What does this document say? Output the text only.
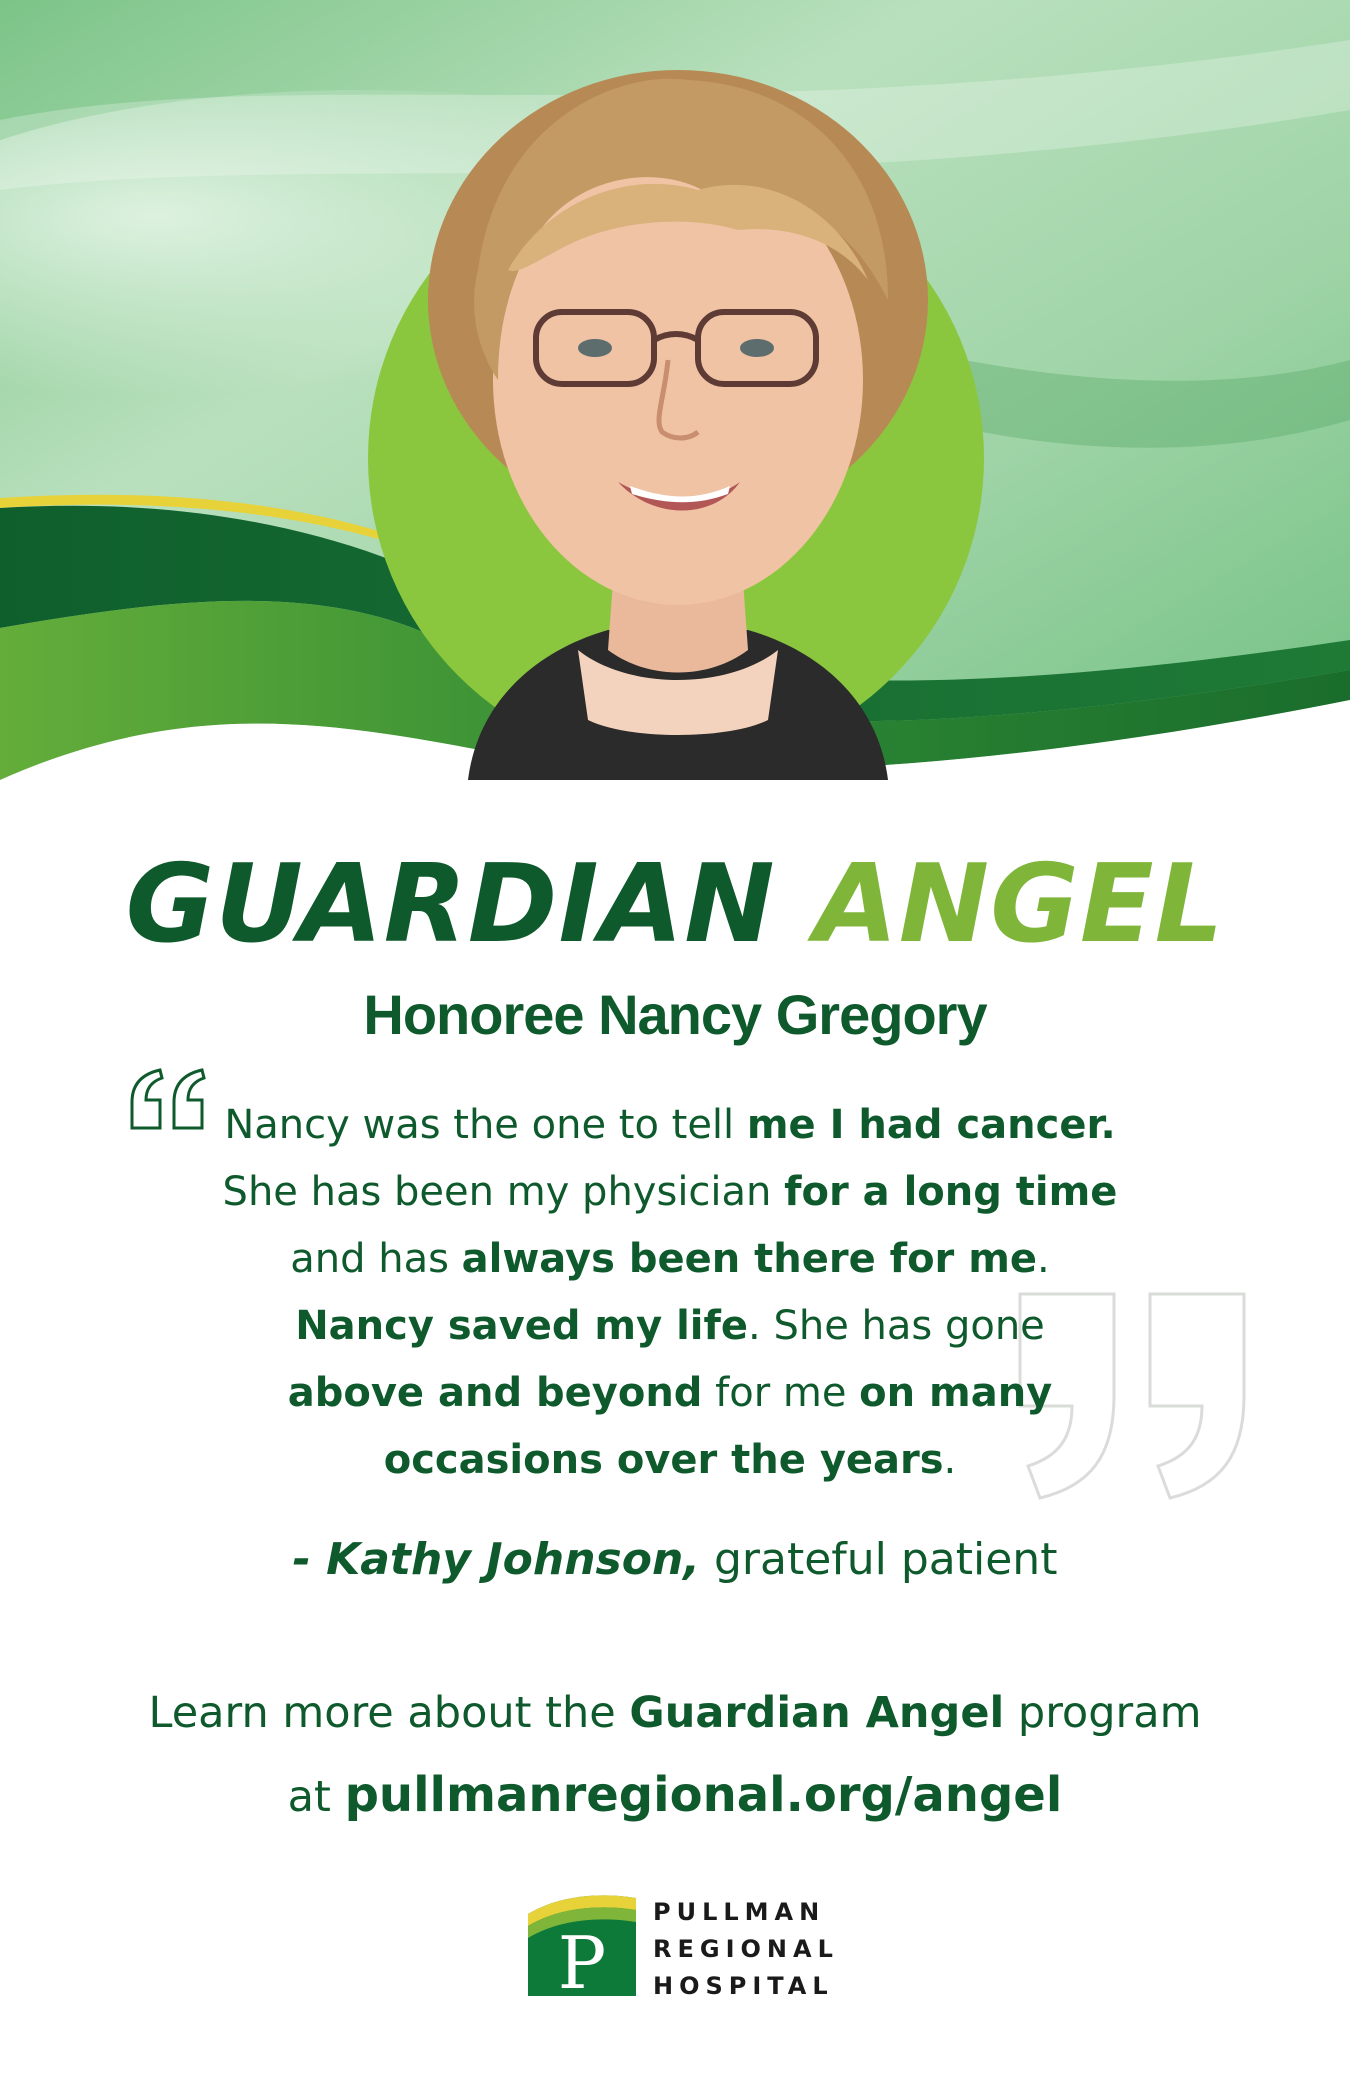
GUARDIAN ANGEL
Honoree Nancy Gregory
Nancy was the one to tell me I had cancer.
She has been my physician for a long time
and has always been there for me.
Nancy saved my life. She has gone
above and beyond for me on many
occasions over the years.
- Kathy Johnson, grateful patient
Learn more about the Guardian Angel program
at pullmanregional.org/angel
P
PULLMAN
REGIONAL
HOSPITAL
